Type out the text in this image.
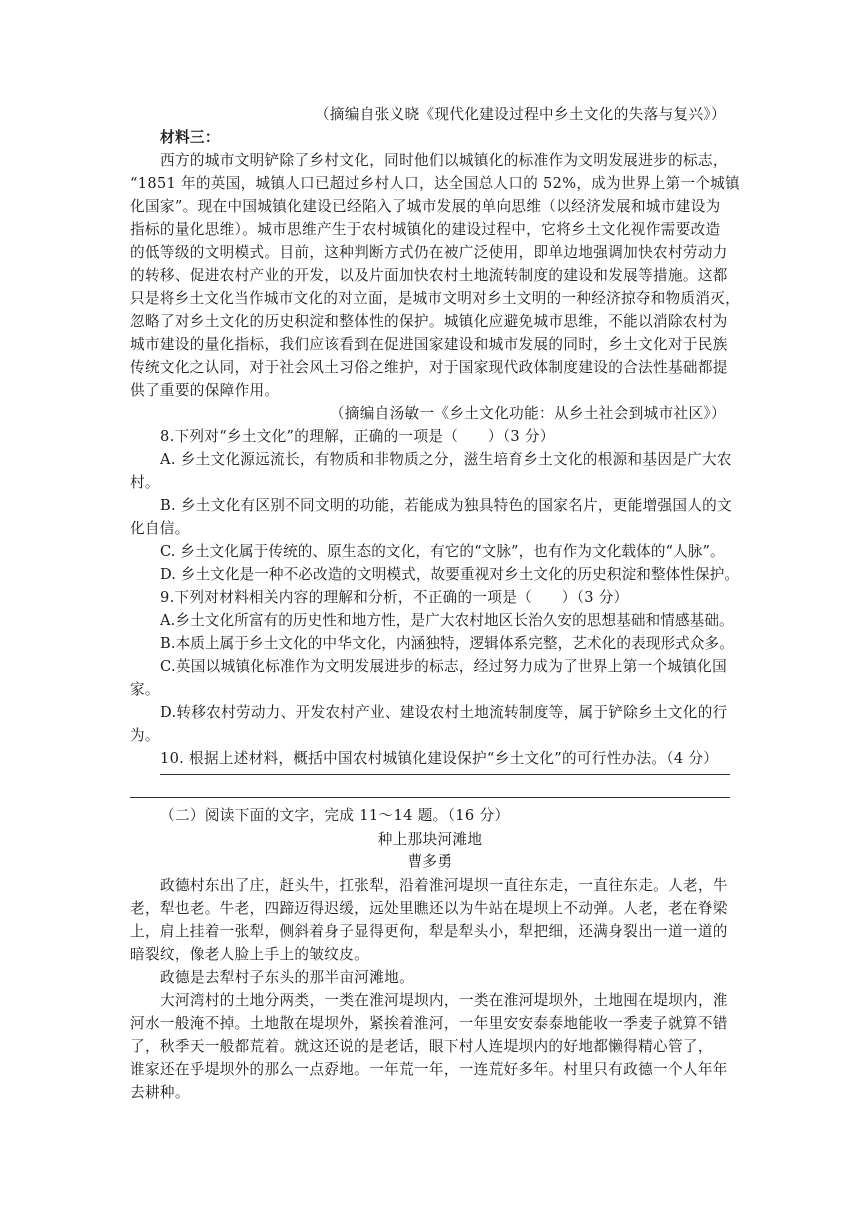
（摘编自张义晓《现代化建设过程中乡土文化的失落与复兴》）
材料三：
西方的城市文明铲除了乡村文化，同时他们以城镇化的标准作为文明发展进步的标志，
“1851 年的英国，城镇人口已超过乡村人口，达全国总人口的 52%，成为世界上第一个城镇
化国家”。现在中国城镇化建设已经陷入了城市发展的单向思维（以经济发展和城市建设为
指标的量化思维）。城市思维产生于农村城镇化的建设过程中，它将乡土文化视作需要改造
的低等级的文明模式。目前，这种判断方式仍在被广泛使用，即单边地强调加快农村劳动力
的转移、促进农村产业的开发，以及片面加快农村土地流转制度的建设和发展等措施。这都
只是将乡土文化当作城市文化的对立面，是城市文明对乡土文明的一种经济掠夺和物质消灭，
忽略了对乡土文化的历史积淀和整体性的保护。城镇化应避免城市思维，不能以消除农村为
城市建设的量化指标，我们应该看到在促进国家建设和城市发展的同时，乡土文化对于民族
传统文化之认同，对于社会风土习俗之维护，对于国家现代政体制度建设的合法性基础都提
供了重要的保障作用。
（摘编自汤敏一《乡土文化功能：从乡土社会到城市社区》）
8.下列对“乡土文化”的理解，正确的一项是（　　）（3 分）
A. 乡土文化源远流长，有物质和非物质之分，滋生培育乡土文化的根源和基因是广大农
村。
B. 乡土文化有区别不同文明的功能，若能成为独具特色的国家名片，更能增强国人的文
化自信。
C. 乡土文化属于传统的、原生态的文化，有它的“文脉”，也有作为文化载体的“人脉”。
D. 乡土文化是一种不必改造的文明模式，故要重视对乡土文化的历史积淀和整体性保护。
9.下列对材料相关内容的理解和分析，不正确的一项是（　　）（3 分）
A.乡土文化所富有的历史性和地方性，是广大农村地区长治久安的思想基础和情感基础。
B.本质上属于乡土文化的中华文化，内涵独特，逻辑体系完整，艺术化的表现形式众多。
C.英国以城镇化标准作为文明发展进步的标志，经过努力成为了世界上第一个城镇化国
家。
D.转移农村劳动力、开发农村产业、建设农村土地流转制度等，属于铲除乡土文化的行
为。
10. 根据上述材料，概括中国农村城镇化建设保护“乡土文化”的可行性办法。（4 分）
（二）阅读下面的文字，完成 11～14 题。（16 分）
种上那块河滩地
曹多勇
政德村东出了庄，赶头牛，扛张犁，沿着淮河堤坝一直往东走，一直往东走。人老，牛
老，犁也老。牛老，四蹄迈得迟缓，远处里瞧还以为牛站在堤坝上不动弹。人老，老在脊梁
上，肩上挂着一张犁，侧斜着身子显得更佝，犁是犁头小，犁把细，还满身裂出一道一道的
暗裂纹，像老人脸上手上的皱纹皮。
政德是去犁村子东头的那半亩河滩地。
大河湾村的土地分两类，一类在淮河堤坝内，一类在淮河堤坝外，土地囤在堤坝内，淮
河水一般淹不掉。土地散在堤坝外，紧挨着淮河，一年里安安泰泰地能收一季麦子就算不错
了，秋季天一般都荒着。就这还说的是老话，眼下村人连堤坝内的好地都懒得精心管了，
谁家还在乎堤坝外的那么一点孬地。一年荒一年，一连荒好多年。村里只有政德一个人年年
去耕种。
